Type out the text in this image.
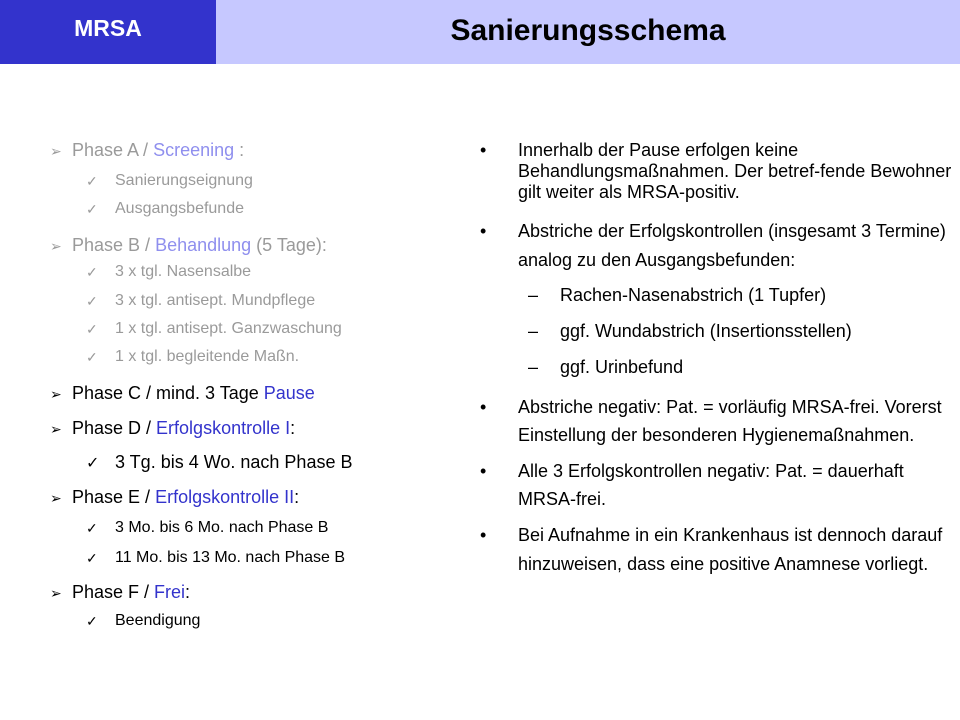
MRSA	Sanierungsschema
➢ Phase A / Screening :
✓ Sanierungseignung
✓ Ausgangsbefunde
➢ Phase B / Behandlung (5 Tage):
✓ 3 x tgl. Nasensalbe
✓ 3 x tgl. antisept. Mundpflege
✓ 1 x tgl. antisept. Ganzwaschung
✓ 1 x tgl. begleitende Maßn.
➢ Phase C / mind. 3 Tage Pause
➢ Phase D / Erfolgskontrolle I:
✓ 3 Tg. bis 4 Wo. nach Phase B
➢ Phase E / Erfolgskontrolle II:
✓ 3 Mo. bis 6 Mo. nach Phase B
✓ 11 Mo. bis 13 Mo. nach Phase B
➢ Phase F / Frei:
✓ Beendigung
• Innerhalb der Pause erfolgen keine Behandlungsmaßnahmen. Der betref-fende Bewohner gilt weiter als MRSA-positiv.
• Abstriche der Erfolgskontrollen (insgesamt 3 Termine) analog zu den Ausgangsbefunden:
– Rachen-Nasenabstrich (1 Tupfer)
– ggf. Wundabstrich (Insertionsstellen)
– ggf. Urinbefund
• Abstriche negativ: Pat. = vorläufig MRSA-frei. Vorerst Einstellung der besonderen Hygienemaßnahmen.
• Alle 3 Erfolgskontrollen negativ: Pat. = dauerhaft MRSA-frei.
• Bei Aufnahme in ein Krankenhaus ist dennoch darauf hinzuweisen, dass eine positive Anamnese vorliegt.
